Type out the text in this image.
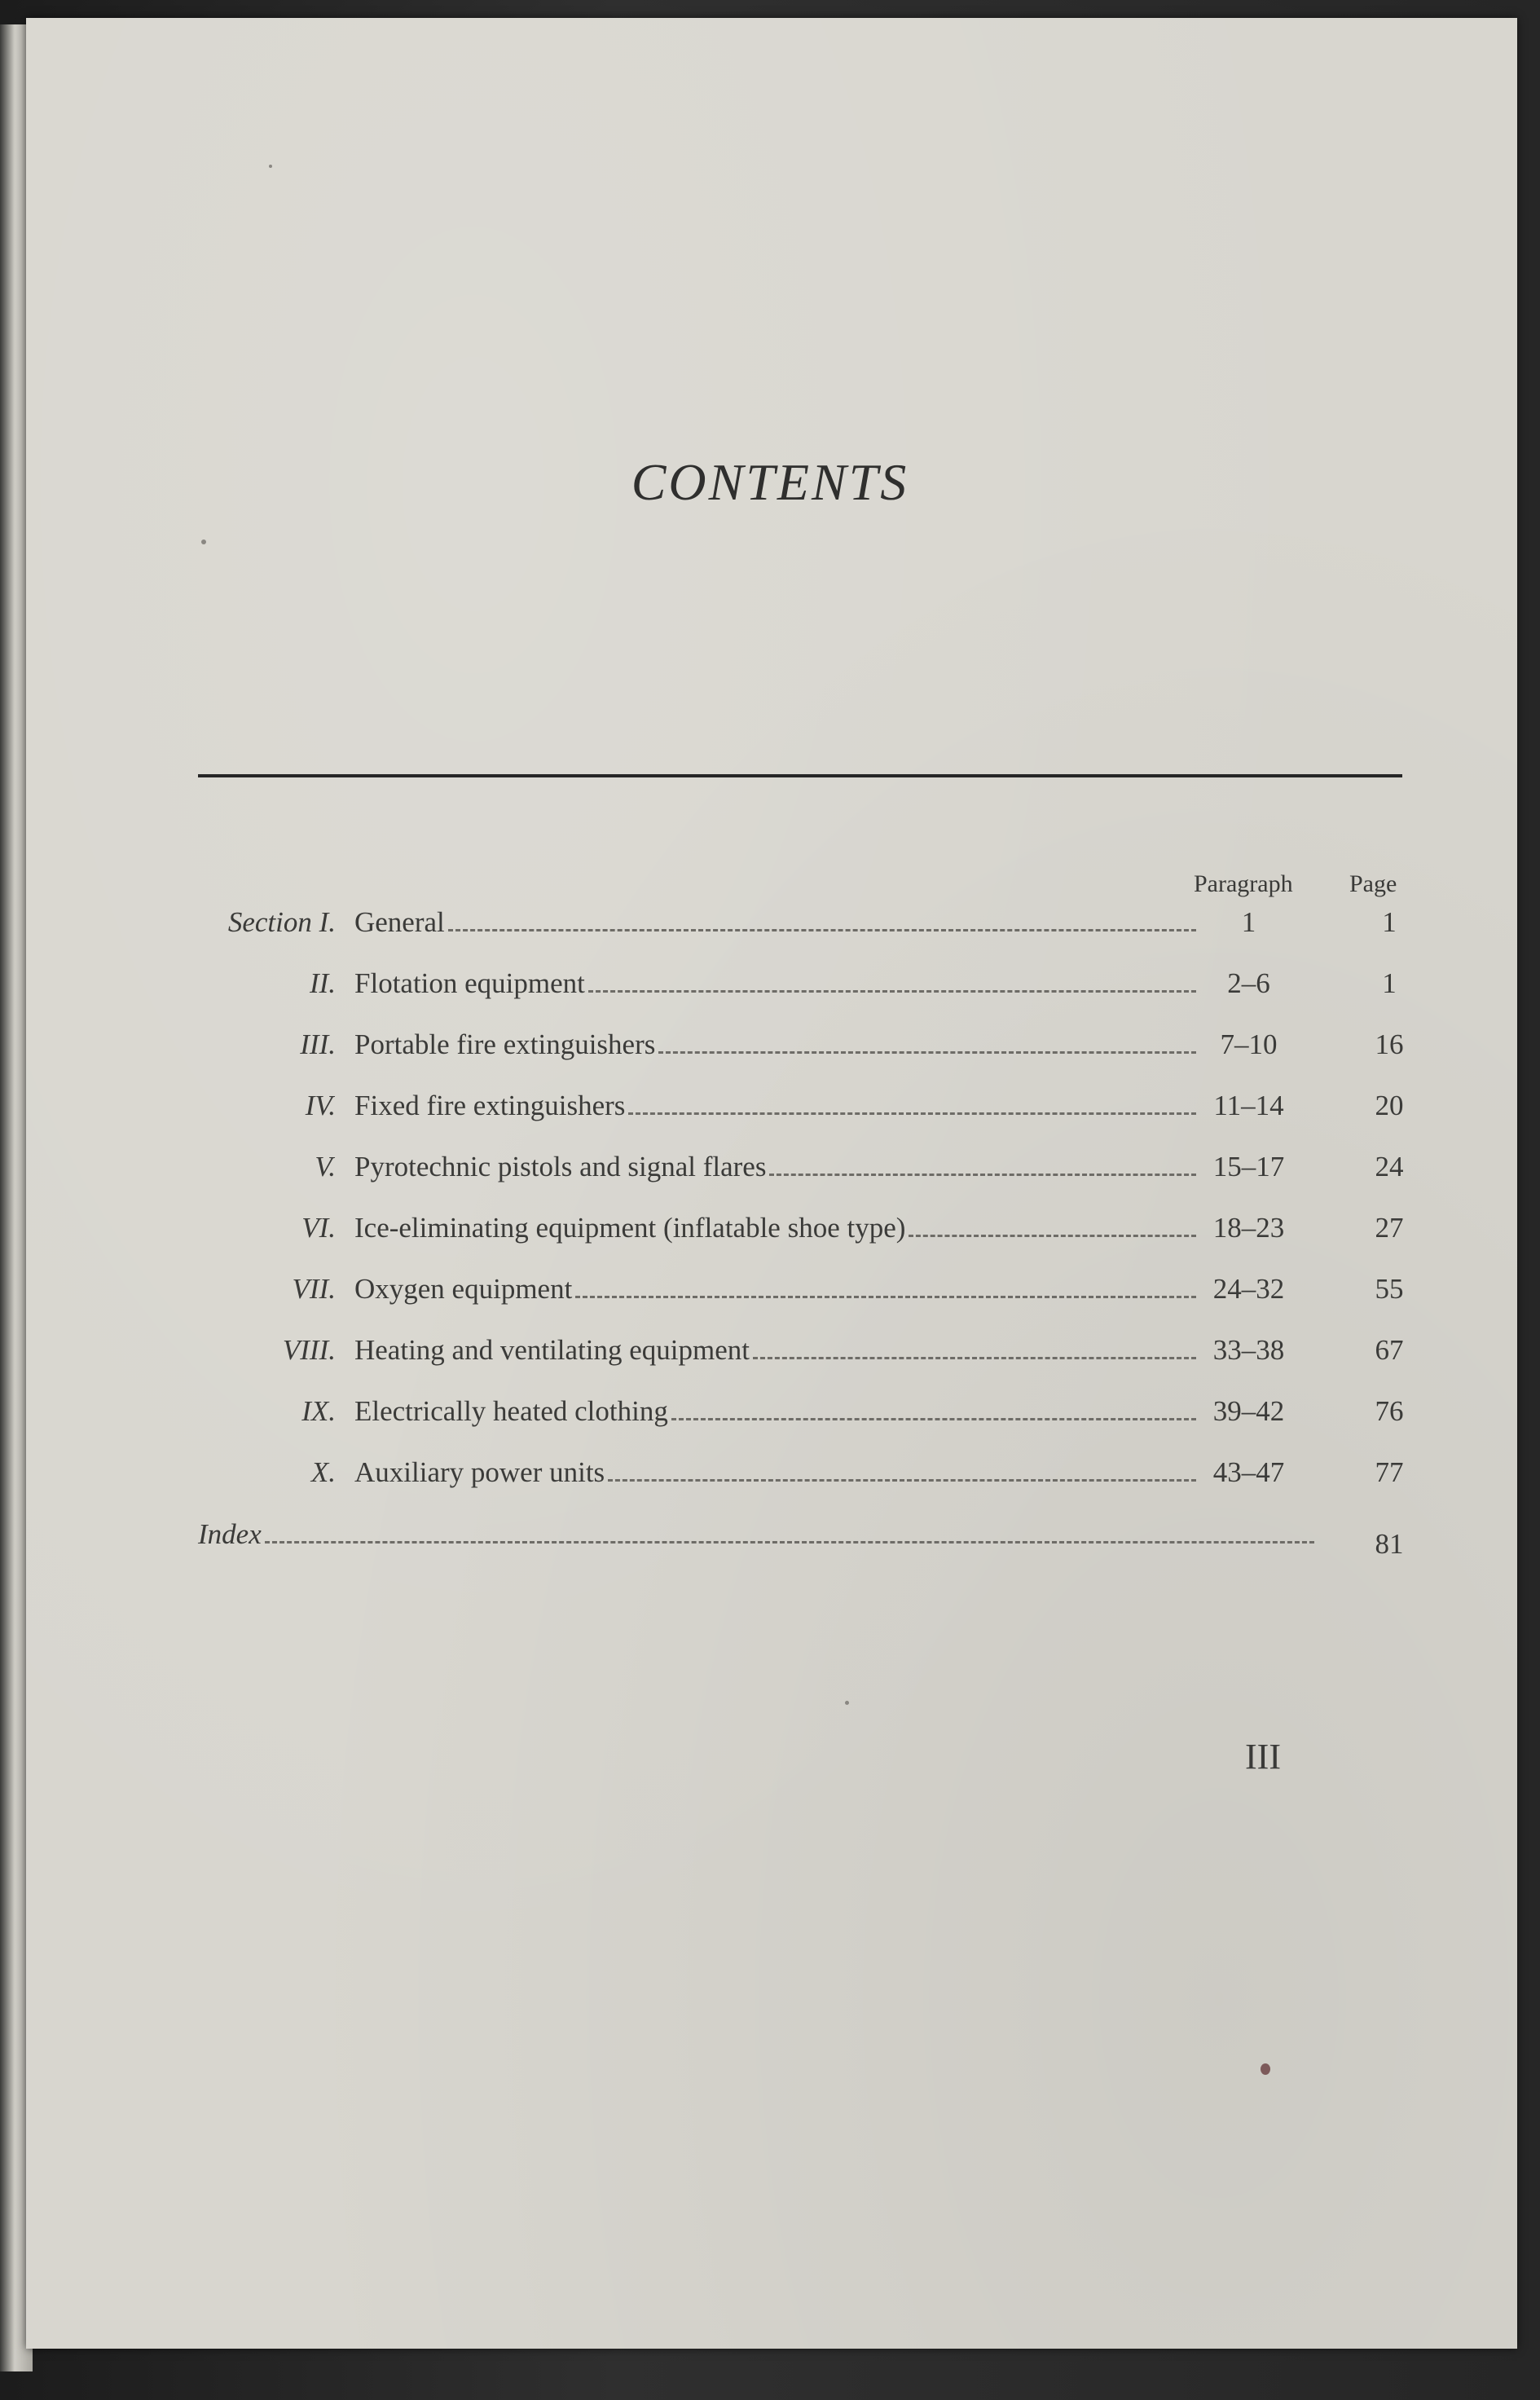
CONTENTS
Paragraph Page
Section I. General	1	1
II. Flotation equipment	2–6	1
III. Portable fire extinguishers	7–10	16
IV. Fixed fire extinguishers	11–14	20
V. Pyrotechnic pistols and signal flares	15–17	24
VI. Ice-eliminating equipment (inflatable shoe type)	18–23	27
VII. Oxygen equipment	24–32	55
VIII. Heating and ventilating equipment	33–38	67
IX. Electrically heated clothing	39–42	76
X. Auxiliary power units	43–47	77
Index	81
III
